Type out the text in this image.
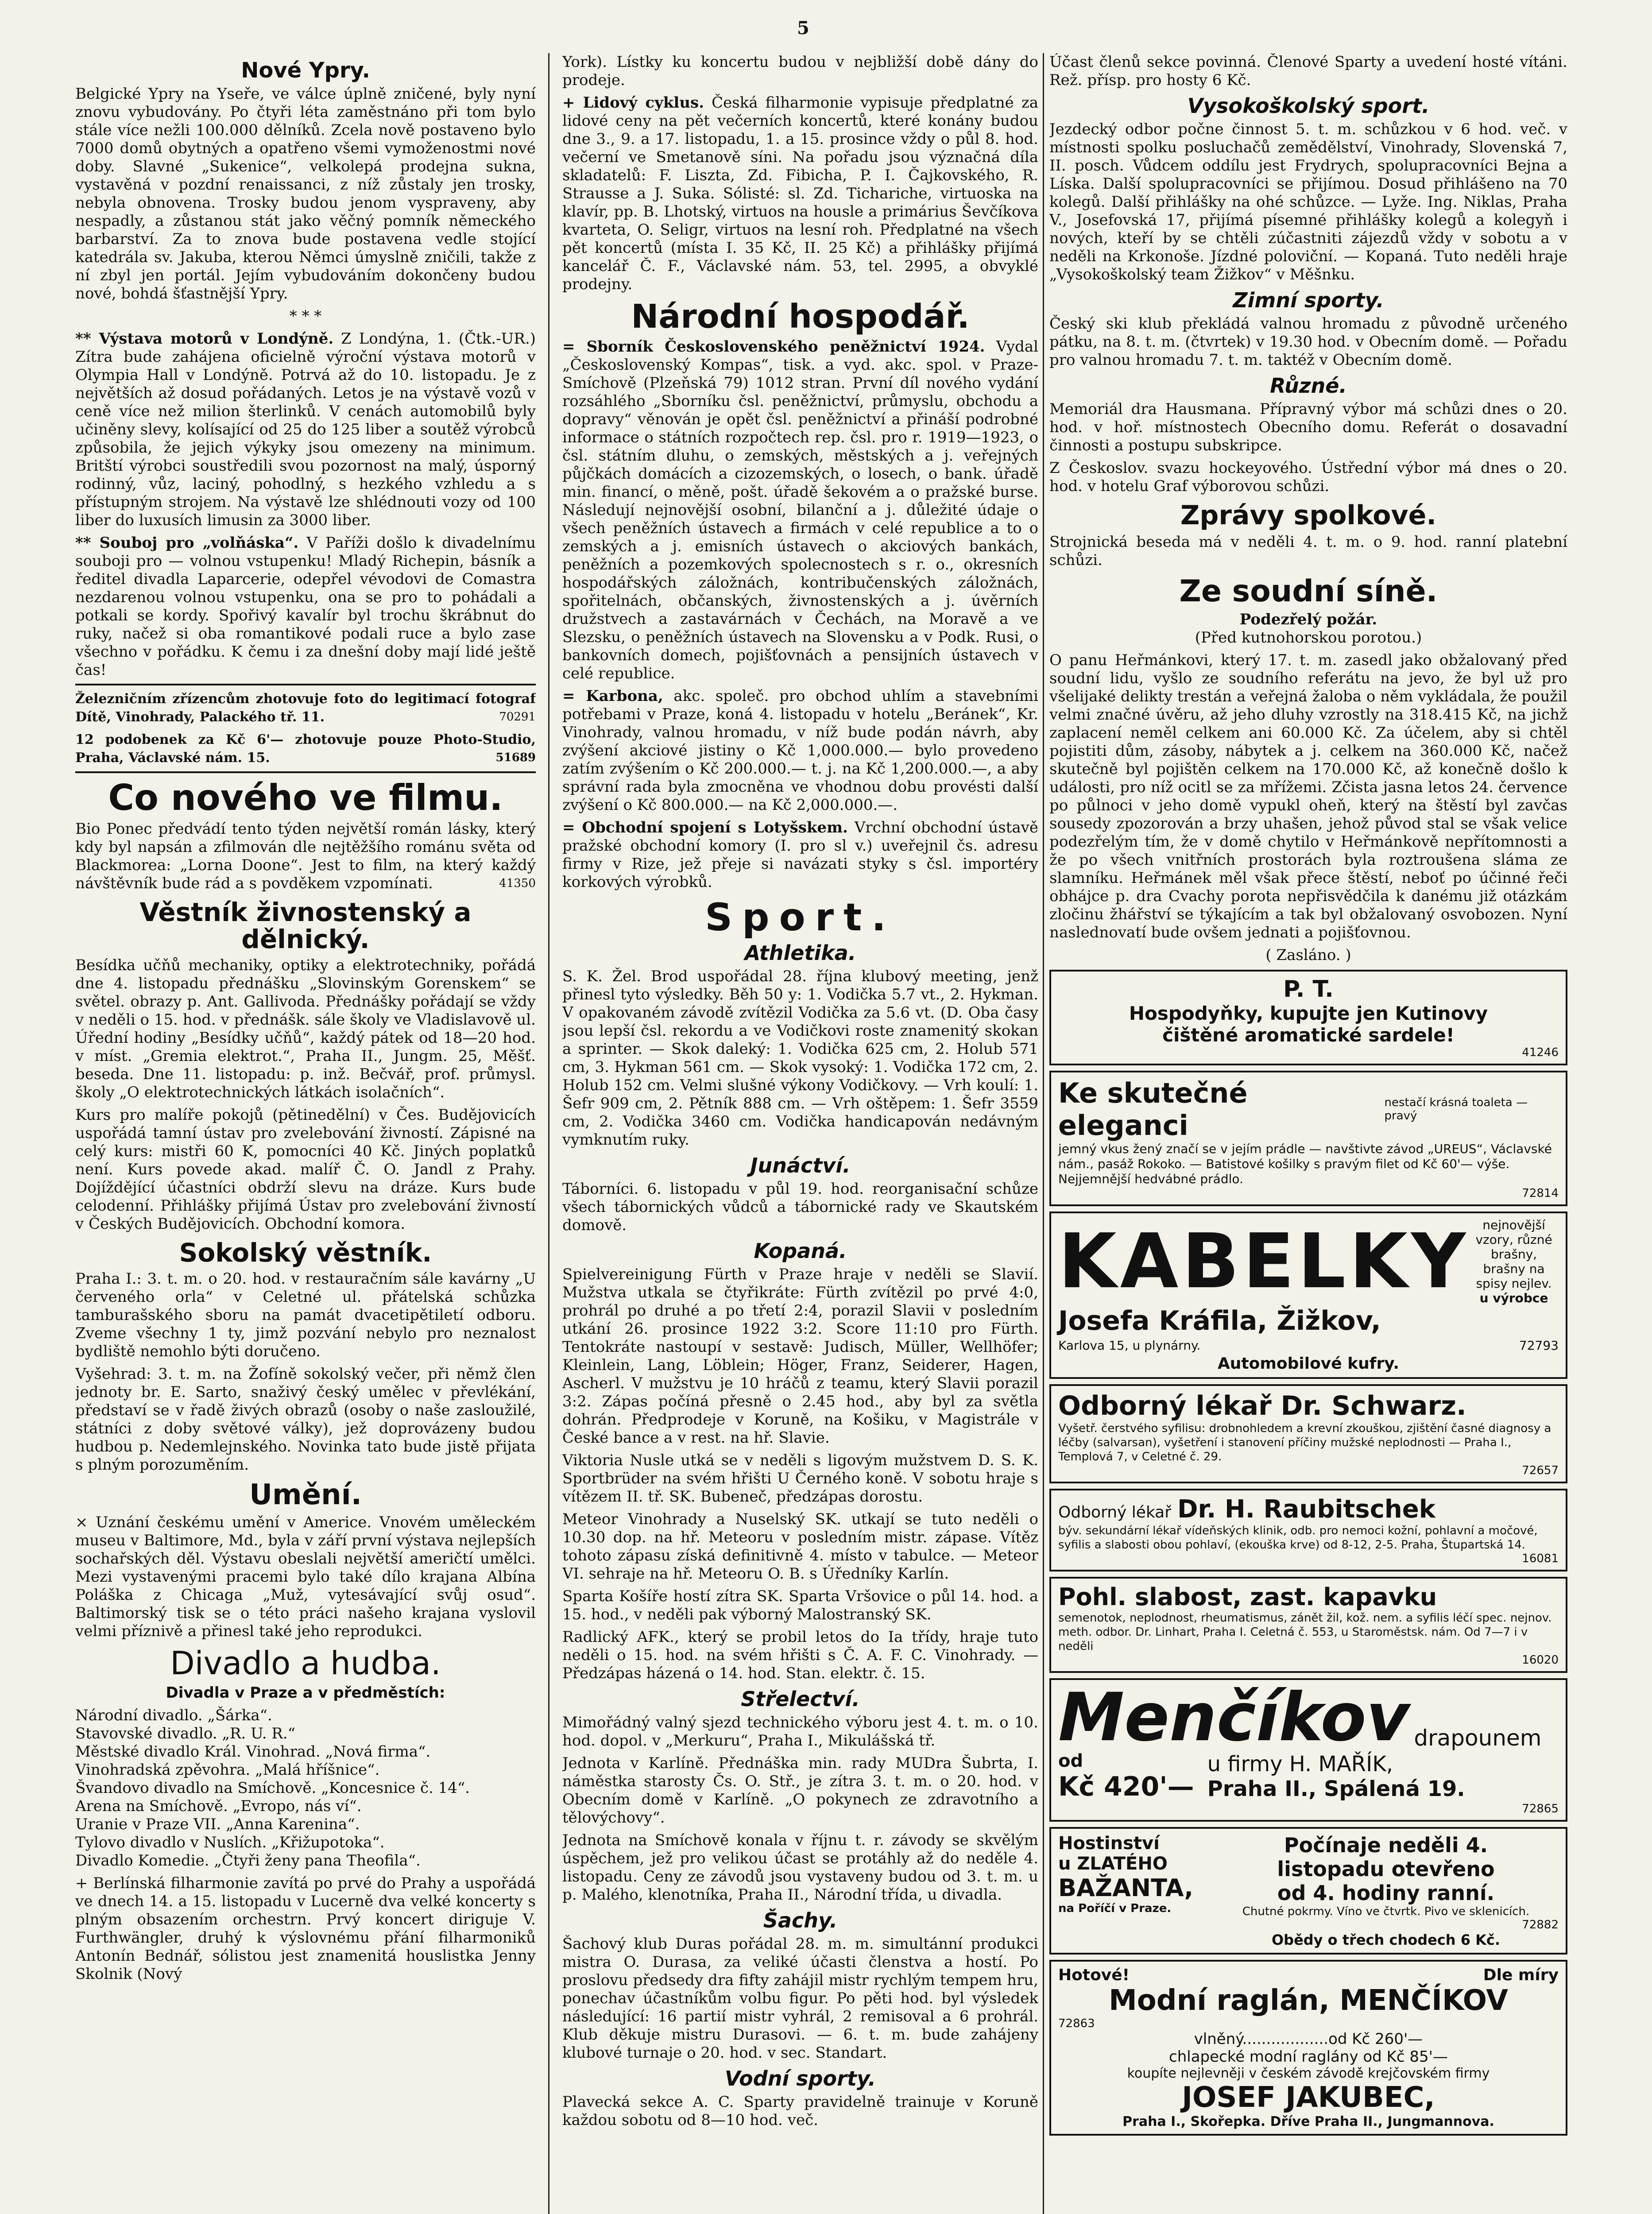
Nové Ypry.

Belgické Ypry na Yseře, ve válce úplně zničené, byly nyní znovu vybudovány. Po čtyři léta zaměstnáno při tom bylo stále více nežli 100.000 dělníků. Zcela nově postaveno bylo 7000 domů obytných a opatřeno všemi vymoženostmi nové doby. Slavné „Sukenice“, velkolepá prodejna sukna, vystavěná v pozdní renaissanci, z níž zůstaly jen trosky, nebyla obnovena. Trosky budou jenom vyspraveny, aby nespadly, a zůstanou stát jako věčný pomník německého barbarství. Za to znova bude postavena vedle stojící katedrála sv. Jakuba, kterou Němci úmyslně zničili, takže z ní zbyl jen portál. Jejím vybudováním dokončeny budou nové, bohdá šťastnější Ypry.

* * *

** Výstava motorů v Londýně. Z Londýna, 1. (Čtk.-UR.) Zítra bude zahájena oficielně výroční výstava motorů v Olympia Hall v Londýně. Potrvá až do 10. listopadu. Je z největších až dosud pořádaných. Letos je na výstavě vozů v ceně více než milion šterlinků. V cenách automobilů byly učiněny slevy, kolísající od 25 do 125 liber a soutěž výrobců způsobila, že jejich výkyky jsou omezeny na minimum. Britští výrobci soustředili svou pozornost na malý, úsporný rodinný, vůz, laciný, pohodlný, s hezkého vzhledu a s přístupným strojem. Na výstavě lze shlédnouti vozy od 100 liber do luxusích limusin za 3000 liber.

** Souboj pro „volňáska“. V Paříži došlo k divadelnímu souboji pro — volnou vstupenku! Mladý Richepin, básník a ředitel divadla Laparcerie, odepřel vévodovi de Comastra nezdarenou volnou vstupenku, ona se pro to pohádali a potkali se kordy. Spořivý kavalír byl trochu škrábnut do ruky, načež si oba romantikové podali ruce a bylo zase všechno v pořádku. K čemu i za dnešní doby mají lidé ještě čas!

Železničním zřízencům zhotovuje foto do legitimací fotograf Dítě, Vinohrady, Palackého tř. 11.	70291

12 podobenek za Kč 6'— zhotovuje pouze Photo-Studio, Praha, Václavské nám. 15.	51689

Co nového ve filmu.

Bio Ponec předvádí tento týden největší román lásky, který kdy byl napsán a zfilmován dle nejtěžšího románu světa od Blackmorea: „Lorna Doone“. Jest to film, na který každý návštěvník bude rád a s povděkem vzpomínati.	41350

Věstník živnostenský a dělnický.

Besídka učňů mechaniky, optiky a elektrotechniky, pořádá dne 4. listopadu přednášku „Slovinským Gorenskem“ se světel. obrazy p. Ant. Gallivoda. Přednášky pořádají se vždy v neděli o 15. hod. v přednášk. sále školy ve Vladislavově ul. Úřední hodiny „Besídky učňů“, každý pátek od 18—20 hod. v míst. „Gremia elektrot.“, Praha II., Jungm. 25, Měšť. beseda. Dne 11. listopadu: p. inž. Bečvář, prof. průmysl. školy „O elektrotechnických látkách isolačních“.

Kurs pro malíře pokojů (pětinedělní) v Čes. Budějovicích uspořádá tamní ústav pro zvelebování živností. Zápisné na celý kurs: mistři 60 K, pomocníci 40 Kč. Jiných poplatků není. Kurs povede akad. malíř Č. O. Jandl z Prahy. Dojíždějící účastníci obdrží slevu na dráze. Kurs bude celodenní. Přihlášky přijímá Ústav pro zvelebování živností v Českých Budějovicích. Obchodní komora.

Sokolský věstník.

Praha I.: 3. t. m. o 20. hod. v restauračním sále kavárny „U červeného orla“ v Celetné ul. přátelská schůzka tamburašského sboru na památ dvacetipětiletí odboru. Zveme všechny 1 ty, jimž pozvání nebylo pro neznalost bydliště nemohlo býti doručeno.

Vyšehrad: 3. t. m. na Žofíně sokolský večer, při němž člen jednoty br. E. Sarto, snaživý český umělec v převlékání, představí se v řadě živých obrazů (osoby o naše zasloužilé, státníci z doby světové války), jež doprovázeny budou hudbou p. Nedemlejnského. Novinka tato bude jistě přijata s plným porozuměním.

Umění.

× Uznání českému umění v Americe. Vnovém uměleckém museu v Baltimore, Md., byla v září první výstava nejlepších sochařských děl. Výstavu obeslali největší američtí umělci. Mezi vystavenými pracemi bylo také dílo krajana Albína Poláška z Chicaga „Muž, vytesávající svůj osud“. Baltimorský tisk se o této práci našeho krajana vyslovil velmi příznivě a přinesl také jeho reprodukci.

Divadlo a hudba.

Divadla v Praze a v předměstích:

Národní divadlo. „Šárka“.

Stavovské divadlo. „R. U. R.“

Městské divadlo Král. Vinohrad. „Nová firma“.

Vinohradská zpěvohra. „Malá hříšnice“.

Švandovo divadlo na Smíchově. „Koncesnice č. 14“.

Arena na Smíchově. „Evropo, nás ví“.

Uranie v Praze VII. „Anna Karenina“.

Tylovo divadlo v Nuslích. „Křižupotoka“.

Divadlo Komedie. „Čtyři ženy pana Theofila“.

+ Berlínská filharmonie zavítá po prvé do Prahy a uspořádá ve dnech 14. a 15. listopadu v Lucerně dva velké koncerty s plným obsazením orchestrn. Prvý koncert diriguje V. Furthwängler, druhý k výslovnému přání filharmoniků Antonín Bednář, sólistou jest znamenitá houslistka Jenny Skolnik (Nový

York). Lístky ku koncertu budou v nejbližší době dány do prodeje.

+ Lidový cyklus. Česká filharmonie vypisuje předplatné za lidové ceny na pět večerních koncertů, které konány budou dne 3., 9. a 17. listopadu, 1. a 15. prosince vždy o půl 8. hod. večerní ve Smetanově síni. Na pořadu jsou význačná díla skladatelů: F. Liszta, Zd. Fibicha, P. I. Čajkovského, R. Strausse a J. Suka. Sólisté: sl. Zd. Tichariche, virtuoska na klavír, pp. B. Lhotský, virtuos na housle a primárius Ševčíkova kvarteta, O. Seligr, virtuos na lesní roh. Předplatné na všech pět koncertů (místa I. 35 Kč, II. 25 Kč) a přihlášky přijímá kancelář Č. F., Václavské nám. 53, tel. 2995, a obvyklé prodejny.

Národní hospodář.

= Sborník Československého peněžnictví 1924. Vydal „Československý Kompas“, tisk. a vyd. akc. spol. v Praze-Smíchově (Plzeňská 79) 1012 stran. První díl nového vydání rozsáhlého „Sborníku čsl. peněžnictví, průmyslu, obchodu a dopravy“ věnován je opět čsl. peněžnictví a přináší podrobné informace o státních rozpočtech rep. čsl. pro r. 1919—1923, o čsl. státním dluhu, o zemských, městských a j. veřejných půjčkách domácích a cizozemských, o losech, o bank. úřadě min. financí, o měně, pošt. úřadě šekovém a o pražské burse. Následují nejnovější osobní, bilanční a j. důležité údaje o všech peněžních ústavech a firmách v celé republice a to o zemských a j. emisních ústavech o akciových bankách, peněžních a pozemkových spolecnostech s r. o., okresních hospodářských záložnách, kontribučenských záložnách, spořitelnách, občanských, živnostenských a j. úvěrních družstvech a zastavárnách v Čechách, na Moravě a ve Slezsku, o peněžních ústavech na Slovensku a v Podk. Rusi, o bankovních domech, pojišťovnách a pensijních ústavech v celé republice.

= Karbona, akc. společ. pro obchod uhlím a stavebními potřebami v Praze, koná 4. listopadu v hotelu „Beránek“, Kr. Vinohrady, valnou hromadu, v níž bude podán návrh, aby zvýšení akciové jistiny o Kč 1,000.000.— bylo provedeno zatím zvýšením o Kč 200.000.— t. j. na Kč 1,200.000.—, a aby správní rada byla zmocněna ve vhodnou dobu provésti další zvýšení o Kč 800.000.— na Kč 2,000.000.—.

= Obchodní spojení s Lotyšskem. Vrchní obchodní ústavě pražské obchodní komory (I. pro sl v.) uveřejnil čs. adresu firmy v Rize, jež přeje si navázati styky s čsl. importéry korkových výrobků.

Sport.
Athletika.

S. K. Žel. Brod uspořádal 28. října klubový meeting, jenž přinesl tyto výsledky. Běh 50 y: 1. Vodička 5.7 vt., 2. Hykman. V opakovaném závodě zvítězil Vodička za 5.6 vt. (D. Oba časy jsou lepší čsl. rekordu a ve Vodičkovi roste znamenitý skokan a sprinter. — Skok daleký: 1. Vodička 625 cm, 2. Holub 571 cm, 3. Hykman 561 cm. — Skok vysoký: 1. Vodička 172 cm, 2. Holub 152 cm. Velmi slušné výkony Vodičkovy. — Vrh koulí: 1. Šefr 909 cm, 2. Pětník 888 cm. — Vrh oštěpem: 1. Šefr 3559 cm, 2. Vodička 3460 cm. Vodička handicapován nedávným vymknutím ruky.

Junáctví.

Táborníci. 6. listopadu v půl 19. hod. reorganisační schůze všech tábornických vůdců a tábornické rady ve Skautském domově.

Kopaná.

Spielvereinigung Fürth v Praze hraje v neděli se Slavií. Mužstva utkala se čtyřikráte: Fürth zvítězil po prvé 4:0, prohrál po druhé a po třetí 2:4, porazil Slavii v posledním utkání 26. prosince 1922 3:2. Score 11:10 pro Fürth. Tentokráte nastoupí v sestavě: Judisch, Müller, Wellhöfer; Kleinlein, Lang, Löblein; Höger, Franz, Seiderer, Hagen, Ascherl. V mužstvu je 10 hráčů z teamu, který Slavii porazil 3:2. Zápas počíná přesně o 2.45 hod., aby byl za světla dohrán. Předprodeje v Koruně, na Košiku, v Magistrále v České bance a v rest. na hř. Slavie.

Viktoria Nusle utká se v neděli s ligovým mužstvem D. S. K. Sportbrüder na svém hřišti U Černého koně. V sobotu hraje s vítězem II. tř. SK. Bubeneč, předzápas dorostu.

Meteor Vinohrady a Nuselský SK. utkají se tuto neděli o 10.30 dop. na hř. Meteoru v posledním mistr. zápase. Vítěz tohoto zápasu získá definitivně 4. místo v tabulce. — Meteor VI. sehraje na hř. Meteoru O. B. s Úředníky Karlín.

Sparta Košíře hostí zítra SK. Sparta Vršovice o půl 14. hod. a 15. hod., v neděli pak výborný Malostranský SK.

Radlický AFK., který se probil letos do Ia třídy, hraje tuto neděli o 15. hod. na svém hřišti s Č. A. F. C. Vinohrady. — Předzápas házená o 14. hod. Stan. elektr. č. 15.

Střelectví.

Mimořádný valný sjezd technického výboru jest 4. t. m. o 10. hod. dopol. v „Merkuru“, Praha I., Mikulášská tř.

Jednota v Karlíně. Přednáška min. rady MUDra Šubrta, I. náměstka starosty Čs. O. Stř., je zítra 3. t. m. o 20. hod. v Obecním domě v Karlíně. „O pokynech ze zdravotního a tělovýchovy“.

Jednota na Smíchově konala v říjnu t. r. závody se skvělým úspěchem, jež pro velikou účast se protáhly až do neděle 4. listopadu. Ceny ze závodů jsou vystaveny budou od 3. t. m. u p. Malého, klenotníka, Praha II., Národní třída, u divadla.

Šachy.

Šachový klub Duras pořádal 28. m. m. simultánní produkci mistra O. Durasa, za veliké účasti členstva a hostí. Po proslovu předsedy dra fifty zahájil mistr rychlým tempem hru, ponechav účastníkům volbu figur. Po pěti hod. byl výsledek následující: 16 partií mistr vyhrál, 2 remisoval a 6 prohrál. Klub děkuje mistru Durasovi. — 6. t. m. bude zahájeny klubové turnaje o 20. hod. v sec. Standart.

Vodní sporty.

Plavecká sekce A. C. Sparty pravidelně trainuje v Koruně každou sobotu od 8—10 hod. več.

Účast členů sekce povinná. Členové Sparty a uvedení hosté vítáni. Rež. přísp. pro hosty 6 Kč.

Vysokoškolský sport.

Jezdecký odbor počne činnost 5. t. m. schůzkou v 6 hod. več. v místnosti spolku posluchačů zemědělství, Vinohrady, Slovenská 7, II. posch. Vůdcem oddílu jest Frydrych, spolupracovníci Bejna a Líska. Další spolupracovníci se přijímou. Dosud přihlášeno na 70 kolegů. Další přihlášky na ohé schůzce. — Lyže. Ing. Niklas, Praha V., Josefovská 17, přijímá písemné přihlášky kolegů a kolegyň i nových, kteří by se chtěli zúčastniti zájezdů vždy v sobotu a v neděli na Krkonoše. Jízdné poloviční. — Kopaná. Tuto neděli hraje „Vysokoškolský team Žižkov“ v Měšnku.

Zimní sporty.

Český ski klub překládá valnou hromadu z původně určeného pátku, na 8. t. m. (čtvrtek) v 19.30 hod. v Obecním domě. — Pořadu pro valnou hromadu 7. t. m. taktéž v Obecním domě.

Různé.

Memoriál dra Hausmana. Přípravný výbor má schůzi dnes o 20. hod. v hoř. místnostech Obecního domu. Referát o dosavadní činnosti a postupu subskripce.

Z Českoslov. svazu hockeyového. Ústřední výbor má dnes o 20. hod. v hotelu Graf výborovou schůzi.

Zprávy spolkové.

Strojnická beseda má v neděli 4. t. m. o 9. hod. ranní platební schůzi.

Ze soudní síně.

Podezřelý požár.

(Před kutnohorskou porotou.)

O panu Heřmánkovi, který 17. t. m. zasedl jako obžalovaný před soudní lidu, vyšlo ze soudního referátu na jevo, že byl už pro všelijaké delikty trestán a veřejná žaloba o něm vykládala, že použil velmi značné úvěru, až jeho dluhy vzrostly na 318.415 Kč, na jichž zaplacení neměl celkem ani 60.000 Kč. Za účelem, aby si chtěl pojistiti dům, zásoby, nábytek a j. celkem na 360.000 Kč, načež skutečně byl pojištěn celkem na 170.000 Kč, až konečně došlo k události, pro níž ocitl se za mřížemi. Zčista jasna letos 24. července po půlnoci v jeho domě vypukl oheň, který na štěstí byl zavčas sousedy zpozorován a brzy uhašen, jehož původ stal se však velice podezřelým tím, že v domě chytilo v Heřmánkově nepřítomnosti a že po všech vnitřních prostorách byla roztroušena sláma ze slamníku. Heřmánek měl však přece štěstí, neboť po účinné řeči obhájce p. dra Cvachy porota nepřisvědčila k danému již otázkám zločinu žhářství se týkajícím a tak byl obžalovaný osvobozen. Nyní naslednovatí bude ovšem jednati a pojišťovnou.

( Zasláno. )

P. T.
Hospodyňky, kupujte jen Kutinovy
čištěné aromatické sardele!
41246
Ke skutečné eleganci
nestačí krásná toaleta — pravý
jemný vkus žený značí se v jejím prádle — navštivte závod „UREUS“, Václavské nám., pasáž Rokoko. — Batistové košilky s pravým filet od Kč 60'— výše. Nejjemnější hedvábné prádlo.
72814
KABELKY	nejnovější vzory, různé brašny,
brašny na spisy nejlev.
u výrobce
Josefa Kráfila, Žižkov,
Karlova 15, u plynárny.	72793
Automobilové kufry.
Odborný lékař Dr. Schwarz.
Vyšetř. čerstvého syfilisu: drobnohledem a krevní zkouškou, zjištění časné diagnosy a léčby (salvarsan), vyšetření i stanovení příčiny mužské neplodnosti — Praha I., Templová 7, v Celetné č. 29.
72657
Odborný lékař Dr. H. Raubitschek
býv. sekundární lékař vídeňských klinik, odb. pro nemoci kožní, pohlavní a močové, syfilis a slabosti obou pohlaví, (ekouška krve) od 8-12, 2-5. Praha, Štupartská 14.
16081
Pohl. slabost, zast. kapavku
semenotok, neplodnost, rheumatismus, zánět žil, kož. nem. a syfilis léčí spec. nejnov. meth. odbor. Dr. Linhart, Praha I. Celetná č. 553, u Staroměstsk. nám. Od 7—7 i v neděli
16020
Menčíkov drapounem
od
Kč 420'—
u firmy H. MAŘÍK,
Praha II., Spálená 19.
72865
Hostinství
u ZLATÉHO
BAŽANTA,
na Poříčí v Praze.
Počínaje neděli 4.
listopadu otevřeno
od 4. hodiny ranní.
Chutné pokrmy. Víno ve čtvrtk. Pivo ve sklenicích.
72882
Obědy o třech chodech 6 Kč.
Hotové!	Dle míry
Modní raglán, MENČÍKOV
72863
vlněný..................od Kč 260'—
chlapecké modní raglány od Kč 85'—
koupíte nejlevněji v českém závodě krejčovském firmy
JOSEF JAKUBEC,
Praha I., Skořepka. Dříve Praha II., Jungmannova.
5
